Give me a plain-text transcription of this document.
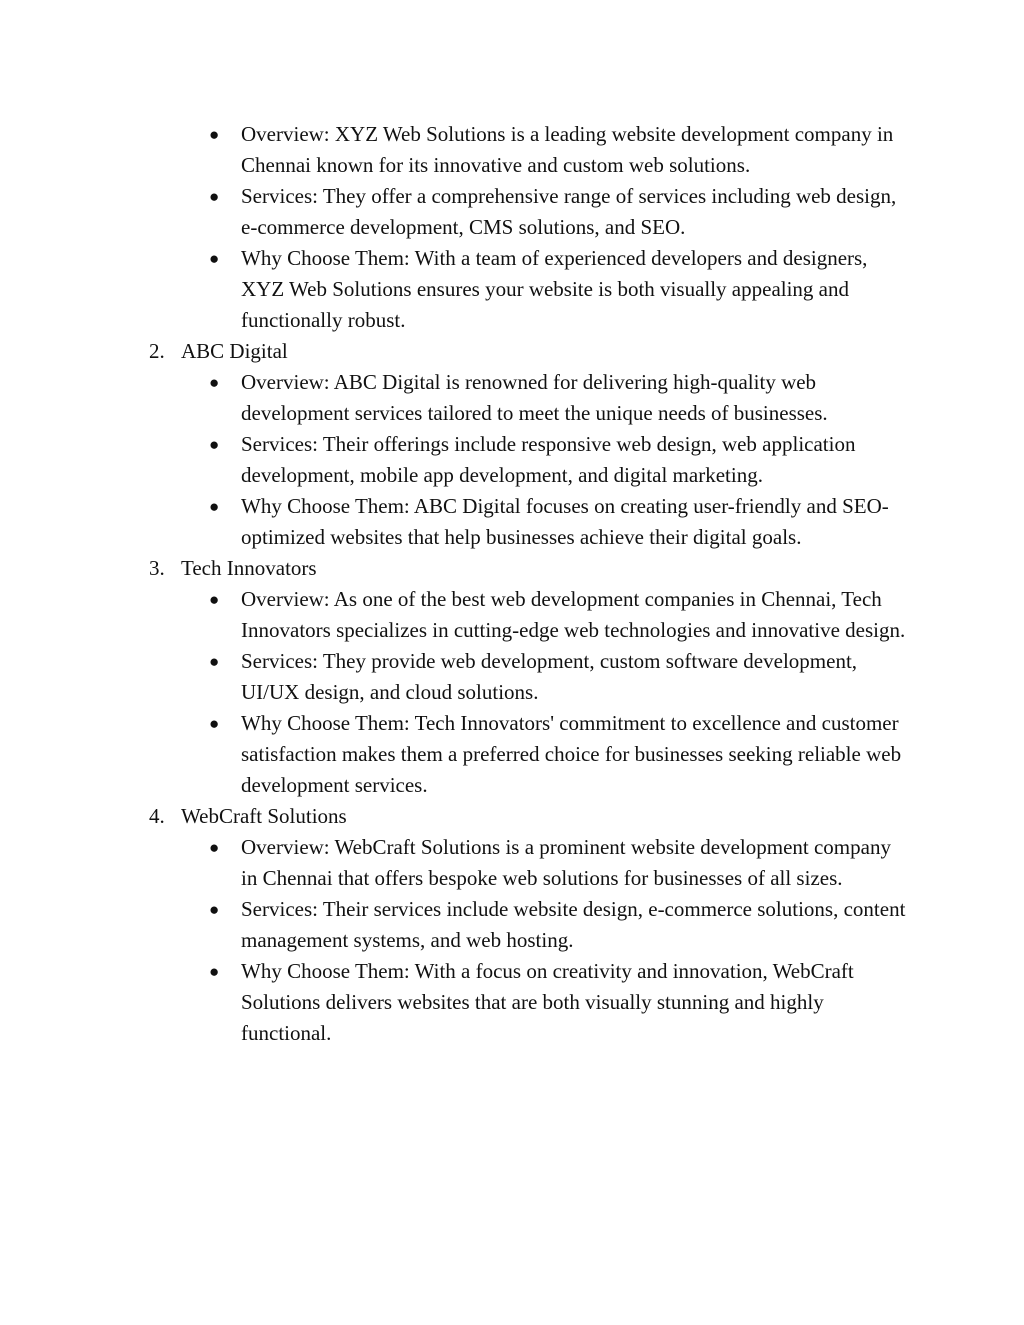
● Overview: XYZ Web Solutions is a leading website development company in Chennai known for its innovative and custom web solutions.
● Services: They offer a comprehensive range of services including web design, e-commerce development, CMS solutions, and SEO.
● Why Choose Them: With a team of experienced developers and designers, XYZ Web Solutions ensures your website is both visually appealing and functionally robust.
2. ABC Digital
● Overview: ABC Digital is renowned for delivering high-quality web development services tailored to meet the unique needs of businesses.
● Services: Their offerings include responsive web design, web application development, mobile app development, and digital marketing.
● Why Choose Them: ABC Digital focuses on creating user-friendly and SEO-optimized websites that help businesses achieve their digital goals.
3. Tech Innovators
● Overview: As one of the best web development companies in Chennai, Tech Innovators specializes in cutting-edge web technologies and innovative design.
● Services: They provide web development, custom software development, UI/UX design, and cloud solutions.
● Why Choose Them: Tech Innovators' commitment to excellence and customer satisfaction makes them a preferred choice for businesses seeking reliable web development services.
4. WebCraft Solutions
● Overview: WebCraft Solutions is a prominent website development company in Chennai that offers bespoke web solutions for businesses of all sizes.
● Services: Their services include website design, e-commerce solutions, content management systems, and web hosting.
● Why Choose Them: With a focus on creativity and innovation, WebCraft Solutions delivers websites that are both visually stunning and highly functional.
